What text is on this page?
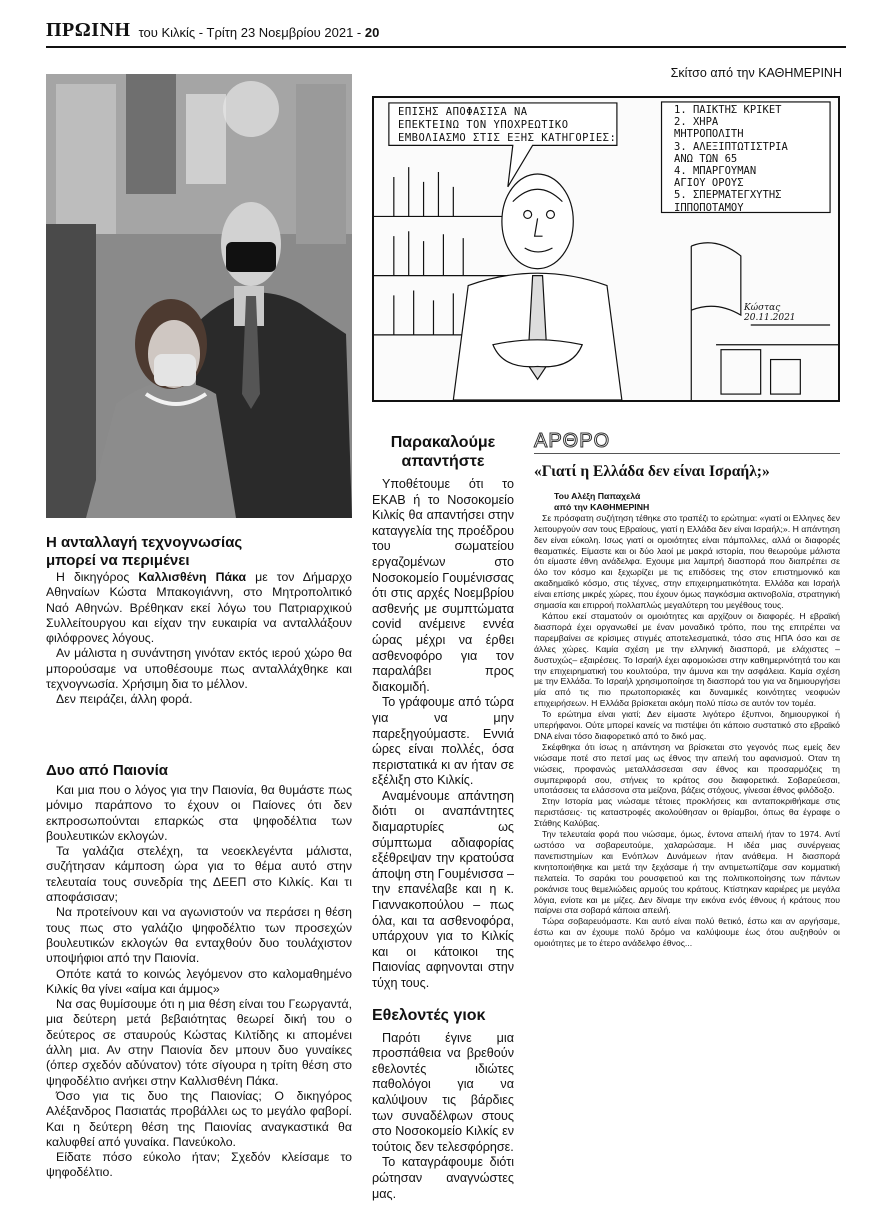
ΠΡΩΙΝΗ του Κιλκίς - Τρίτη 23 Νοεμβρίου 2021 - 20
Σκίτσο από την ΚΑΘΗΜΕΡΙΝΗ
ΕΠΙΣΗΣ ΑΠΟΦΑΣΙΣΑ ΝΑ
ΕΠΕΚΤΕΙΝΩ ΤΟΝ ΥΠΟΧΡΕΩΤΙΚΟ
ΕΜΒΟΛΙΑΣΜΟ ΣΤΙΣ ΕΞΗΣ ΚΑΤΗΓΟΡΙΕΣ:
1. ΠΑΙΚΤΗΣ ΚΡΙΚΕΤ
2. ΧΗΡΑ
ΜΗΤΡΟΠΟΛΙΤΗ
3. ΑΛΕΞΙΠΤΩΤΙΣΤΡΙΑ
ΑΝΩ ΤΩΝ 65
4. ΜΠΑΡΓΟΥΜΑΝ
ΑΓΙΟΥ ΟΡΟΥΣ
5. ΣΠΕΡΜΑΤΕΓΧΥΤΗΣ
ΙΠΠΟΠΟΤΑΜΟΥ
Κώστας
20.11.2021
Η ανταλλαγή τεχνογνωσίας
μπορεί να περιμένει

Η δικηγόρος Καλλισθένη Πάκα με τον Δήμαρχο Αθηναίων Κώστα Μπακογιάννη, στο Μητροπολιτικό Ναό Αθηνών. Βρέθηκαν εκεί λόγω του Πατριαρχικού Συλλείτουργου και είχαν την ευκαιρία να ανταλλάξουν φιλόφρονες λόγους.

Αν μάλιστα η συνάντηση γινόταν εκτός ιερού χώρο θα μπορούσαμε να υποθέσουμε πως ανταλλάχθηκε και τεχνογνωσία. Χρήσιμη δια το μέλλον.

Δεν πειράζει, άλλη φορά.

Δυο από Παιονία

Και μια που ο λόγος για την Παιονία, θα θυμάστε πως μόνιμο παράπονο το έχουν οι Παίονες ότι δεν εκπροσωπούνται επαρκώς στα ψηφοδέλτια των βουλευτικών εκλογών.

Τα γαλάζια στελέχη, τα νεοεκλεγέντα μάλιστα, συζήτησαν κάμποση ώρα για το θέμα αυτό στην τελευταία τους συνεδρία της ΔΕΕΠ στο Κιλκίς. Και τι αποφάσισαν;

Να προτείνουν και να αγωνιστούν να περάσει η θέση τους πως στο γαλάζιο ψηφοδέλτιο των προσεχών βουλευτικών εκλογών θα ενταχθούν δυο τουλάχιστον υποψήφιοι από την Παιονία.

Οπότε κατά το κοινώς λεγόμενον στο καλομαθημένο Κιλκίς θα γίνει «αίμα και άμμος»

Να σας θυμίσουμε ότι η μια θέση είναι του Γεωργαντά, μια δεύτερη μετά βεβαιότητας θεωρεί δική του ο δεύτερος σε σταυρούς Κώστας Κιλτίδης κι απομένει άλλη μια. Αν στην Παιονία δεν μπουν δυο γυναίκες (όπερ σχεδόν αδύνατον) τότε σίγουρα η τρίτη θέση στο ψηφοδέλτιο ανήκει στην Καλλισθένη Πάκα.

Όσο για τις δυο της Παιονίας; Ο δικηγόρος Αλέξανδρος Πασιατάς προβάλλει ως το μεγάλο φαβορί. Και η δεύτερη θέση της Παιονίας αναγκαστικά θα καλυφθεί από γυναίκα. Πανεύκολο.

Είδατε πόσο εύκολο ήταν; Σχεδόν κλείσαμε το ψηφοδέλτιο.

Παρακαλούμε
απαντήστε

Υποθέτουμε ότι το ΕΚΑΒ ή το Νοσοκομείο Κιλκίς θα απαντήσει στην καταγγελία της προέδρου του σωματείου εργαζομένων στο Νοσοκομείο Γουμένισσας ότι στις αρχές Νοεμβρίου ασθενής με συμπτώματα covid ανέμεινε εννέα ώρας μέχρι να έρθει ασθενοφόρο για τον παραλάβει προς διακομιδή.

Το γράφουμε από τώρα για να μην παρεξηγούμαστε. Εννιά ώρες είναι πολλές, όσα περιστατικά κι αν ήταν σε εξέλιξη στο Κιλκίς.

Αναμένουμε απάντηση διότι οι αναπάντητες διαμαρτυρίες ως σύμπτωμα αδιαφορίας εξέθρεψαν την κρατούσα άποψη στη Γουμένισσα – την επανέλαβε και η κ. Γιαννακοπούλου – πως όλα, και τα ασθενοφόρα, υπάρχουν για το Κιλκίς και οι κάτοικοι της Παιονίας αφηνονται στην τύχη τους.

Εθελοντές γιοκ

Παρότι έγινε μια προσπάθεια να βρεθούν εθελοντές ιδιώτες παθολόγοι για να καλύψουν τις βάρδιες των συναδέλφων στους στο Νοσοκομείο Κιλκίς εν τούτοις δεν τελεσφόρησε.

Το καταγράφουμε διότι ρώτησαν αναγνώστες μας.

ΑΡΘΡΟ
«Γιατί η Ελλάδα δεν είναι Ισραήλ;»
Του Αλέξη Παπαχελά
από την ΚΑΘΗΜΕΡΙΝΗ

Σε πρόσφατη συζήτηση τέθηκε στο τραπέζι το ερώτημα: «γιατί οι Ελληνες δεν λειτουργούν σαν τους Εβραίους, γιατί η Ελλάδα δεν είναι Ισραήλ;». Η απάντηση δεν είναι εύκολη. Ισως γιατί οι ομοιότητες είναι πάμπολλες, αλλά οι διαφορές θεαματικές. Είμαστε και οι δύο λαοί με μακρά ιστορία, που θεωρούμε μάλιστα ότι είμαστε έθνη ανάδελφα. Εχουμε μια λαμπρή διασπορά που διαπρέπει σε όλο τον κόσμο και ξεχωρίζει με τις επιδόσεις της στον επιστημονικό και ακαδημαϊκό κόσμο, στις τέχνες, στην επιχειρηματικότητα. Ελλάδα και Ισραήλ είναι επίσης μικρές χώρες, που έχουν όμως παγκόσμια ακτινοβολία, στρατηγική σημασία και επιρροή πολλαπλώς μεγαλύτερη του μεγέθους τους.

Κάπου εκεί σταματούν οι ομοιότητες και αρχίζουν οι διαφορές. Η εβραϊκή διασπορά έχει οργανωθεί με έναν μοναδικό τρόπο, που της επιτρέπει να παρεμβαίνει σε κρίσιμες στιγμές αποτελεσματικά, τόσο στις ΗΠΑ όσο και σε άλλες χώρες. Καμία σχέση με την ελληνική διασπορά, με ελάχιστες –δυστυχώς– εξαιρέσεις. Το Ισραήλ έχει αφομοιώσει στην καθημερινότητά του και την επιχειρηματική του κουλτούρα, την άμυνα και την ασφάλεια. Καμία σχέση με την Ελλάδα. Το Ισραήλ χρησιμοποίησε τη διασπορά του για να δημιουργήσει μία από τις πιο πρωτοποριακές και δυναμικές κοινότητες νεοφυών επιχειρήσεων. Η Ελλάδα βρίσκεται ακόμη πολύ πίσω σε αυτόν τον τομέα.

Το ερώτημα είναι γιατί; Δεν είμαστε λιγότερο έξυπνοι, δημιουργικοί ή υπερήφανοι. Ούτε μπορεί κανείς να πιστέψει ότι κάποιο συστατικό στο εβραϊκό DNA είναι τόσο διαφορετικό από το δικό μας.

Σκέφθηκα ότι ίσως η απάντηση να βρίσκεται στο γεγονός πως εμείς δεν νιώσαμε ποτέ στο πετσί μας ως έθνος την απειλή του αφανισμού. Οταν τη νιώσεις, προφανώς μεταλλάσσεσαι σαν έθνος και προσαρμόζεις τη συμπεριφορά σου, στήνεις το κράτος σου διαφορετικά. Σοβαρεύεσαι, υποτάσσεις τα ελάσσονα στα μείζονα, βάζεις στόχους, γίνεσαι έθνος φιλόδοξο.

Στην Ιστορία μας νιώσαμε τέτοιες προκλήσεις και ανταποκριθήκαμε στις περιστάσεις· τις καταστροφές ακολούθησαν οι θρίαμβοι, όπως θα έγραφε ο Στάθης Καλύβας.

Την τελευταία φορά που νιώσαμε, όμως, έντονα απειλή ήταν το 1974. Αντί ωστόσο να σοβαρευτούμε, χαλαρώσαμε. Η ιδέα μιας συνέργειας πανεπιστημίων και Ενόπλων Δυνάμεων ήταν ανάθεμα. Η διασπορά κινητοποιήθηκε και μετά την ξεχάσαμε ή την αντιμετωπίζαμε σαν κομματική πελατεία. Το σαράκι του ρουσφετιού και της πολιτικοποίησης των πάντων ροκάνισε τους θεμελιώδεις αρμούς του κράτους. Κτίστηκαν καριέρες με μεγάλα λόγια, ενίοτε και με μίζες. Δεν δίναμε την εικόνα ενός έθνους ή κράτους που παίρνει στα σοβαρά κάποια απειλή.

Τώρα σοβαρευόμαστε. Και αυτό είναι πολύ θετικό, έστω και αν αργήσαμε, έστω και αν έχουμε πολύ δρόμο να καλύψουμε έως ότου αυξηθούν οι ομοιότητες με το έτερο ανάδελφο έθνος...
